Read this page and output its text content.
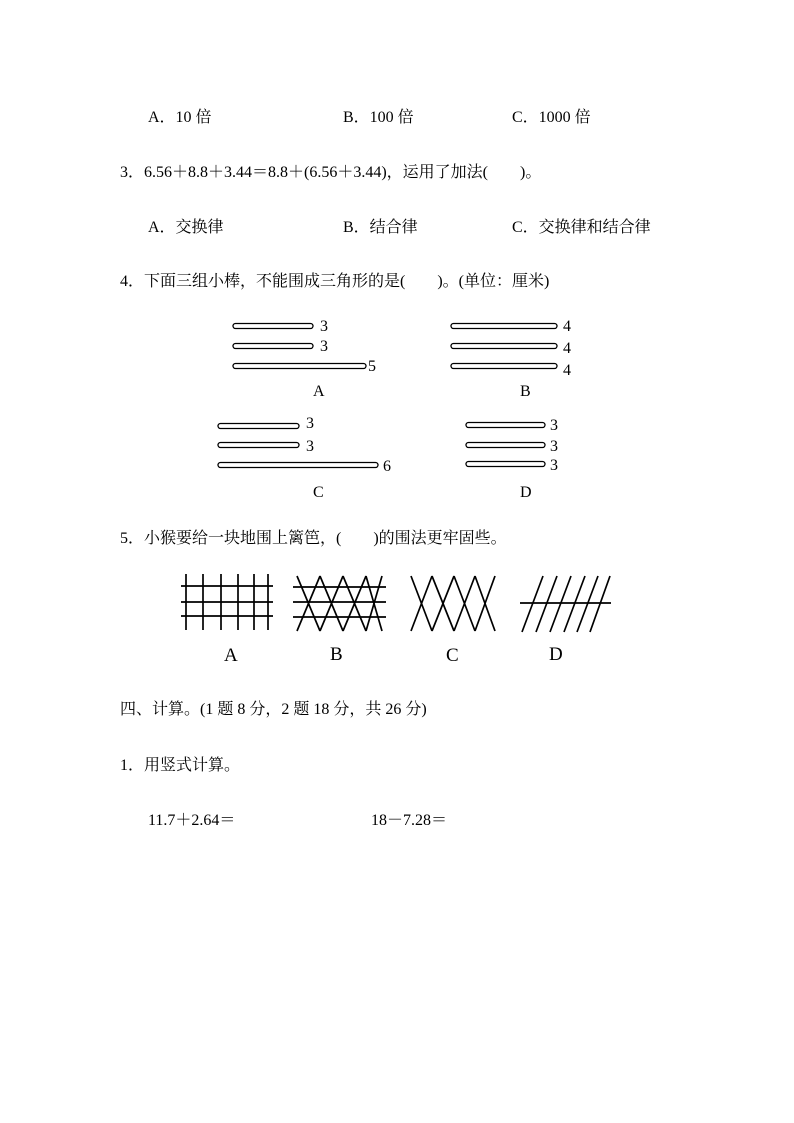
A．10 倍	B．100 倍	C．1000 倍
3．6.56＋8.8＋3.44＝8.8＋(6.56＋3.44)，运用了加法(　　)。
A．交换律	B．结合律	C．交换律和结合律
4．下面三组小棒，不能围成三角形的是(　　)。(单位：厘米)
3
3
5
A
4
4
4
B
3
3
6
C
3
3
3
D
5．小猴要给一块地围上篱笆，(　　)的围法更牢固些。
A	B	C	D
四、计算。(1 题 8 分，2 题 18 分，共 26 分)
1．用竖式计算。
11.7＋2.64＝	18－7.28＝
